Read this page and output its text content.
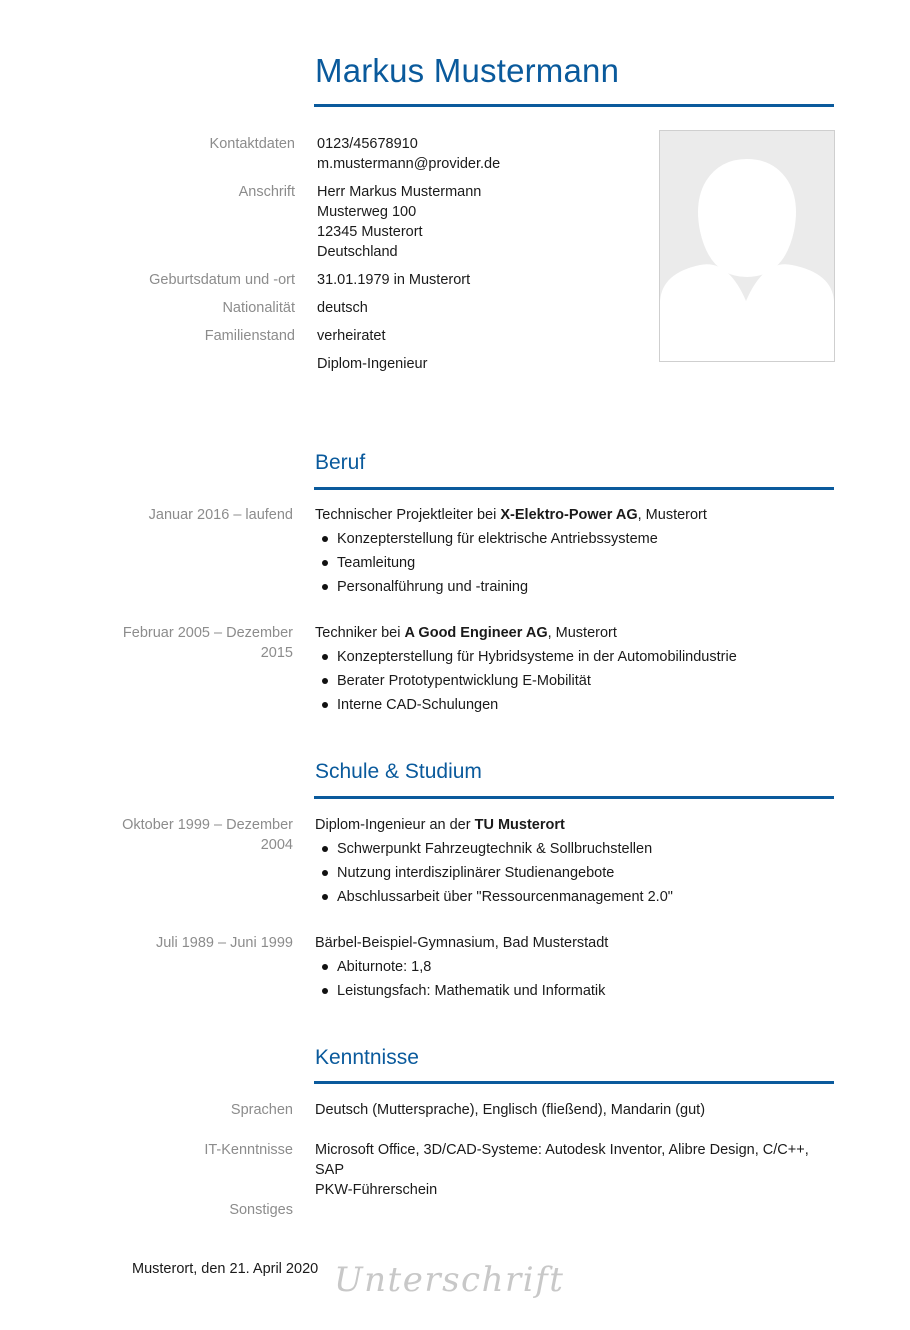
Markus Mustermann
Kontaktdaten 0123/45678910
m.mustermann@provider.de
Anschrift Herr Markus Mustermann
Musterweg 100
12345 Musterort
Deutschland
Geburtsdatum und -ort 31.01.1979 in Musterort
Nationalität deutsch
Familienstand verheiratet
Diplom-Ingenieur
Beruf
Januar 2016 – laufend Technischer Projektleiter bei X-Elektro-Power AG, Musterort
Konzepterstellung für elektrische Antriebssysteme
Teamleitung
Personalführung und -training
Februar 2005 – Dezember 2015
Techniker bei A Good Engineer AG, Musterort
Konzepterstellung für Hybridsysteme in der Automobilindustrie
Berater Prototypentwicklung E-Mobilität
Interne CAD-Schulungen
Schule & Studium
Oktober 1999 – Dezember 2004
Diplom-Ingenieur an der TU Musterort
Schwerpunkt Fahrzeugtechnik & Sollbruchstellen
Nutzung interdisziplinärer Studienangebote
Abschlussarbeit über "Ressourcenmanagement 2.0"
Juli 1989 – Juni 1999 Bärbel-Beispiel-Gymnasium, Bad Musterstadt
Abiturnote: 1,8
Leistungsfach: Mathematik und Informatik
Kenntnisse
Sprachen Deutsch (Muttersprache), Englisch (fließend), Mandarin (gut)
IT-Kenntnisse Microsoft Office, 3D/CAD-Systeme: Autodesk Inventor, Alibre Design, C/C++, SAP
PKW-Führerschein
Sonstiges
Musterort, den 21. April 2020 Unterschrift
